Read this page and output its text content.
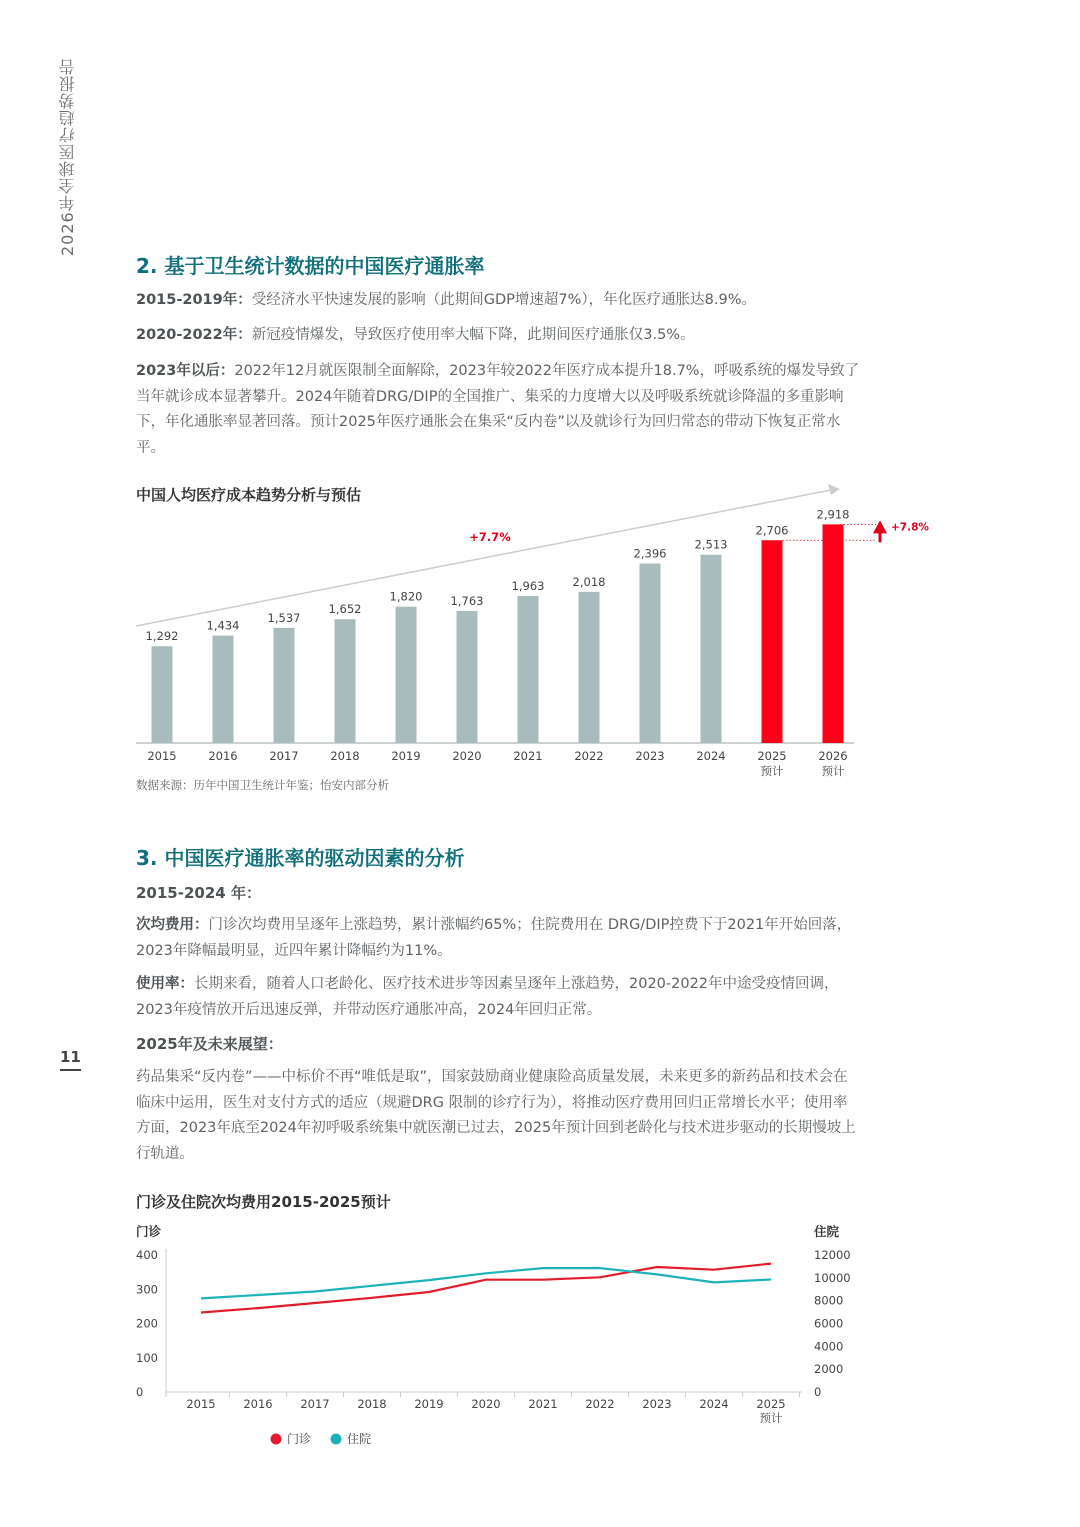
2026年全球医疗趋势报告
11
2. 基于卫生统计数据的中国医疗通胀率

2015-2019年：受经济水平快速发展的影响（此期间GDP增速超7%），年化医疗通胀达8.9%。

2020-2022年：新冠疫情爆发，导致医疗使用率大幅下降，此期间医疗通胀仅3.5%。

2023年以后：2022年12月就医限制全面解除，2023年较2022年医疗成本提升18.7%，呼吸系统的爆发导致了当年就诊成本显著攀升。2024年随着DRG/DIP的全国推广、集采的力度增大以及呼吸系统就诊降温的多重影响下，年化通胀率显著回落。预计2025年医疗通胀会在集采“反内卷”以及就诊行为回归常态的带动下恢复正常水平。

中国人均医疗成本趋势分析与预估
+7.7%
1,292
2015
1,434
2016
1,537
2017
1,652
2018
1,820
2019
1,763
2020
1,963
2021
2,018
2022
2,396
2023
2,513
2024
2,706
2025
预计
2,918
2026
预计
+7.8%

数据来源：历年中国卫生统计年鉴；怡安内部分析

3. 中国医疗通胀率的驱动因素的分析

2015-2024 年：

次均费用：门诊次均费用呈逐年上涨趋势，累计涨幅约65%；住院费用在 DRG/DIP控费下于2021年开始回落，2023年降幅最明显，近四年累计降幅约为11%。

使用率：长期来看，随着人口老龄化、医疗技术进步等因素呈逐年上涨趋势，2020-2022年中途受疫情回调，2023年疫情放开后迅速反弹，并带动医疗通胀冲高，2024年回归正常。

2025年及未来展望：

药品集采“反内卷”——中标价不再“唯低是取”，国家鼓励商业健康险高质量发展，未来更多的新药品和技术会在临床中运用，医生对支付方式的适应（规避DRG 限制的诊疗行为），将推动医疗费用回归正常增长水平；使用率方面，2023年底至2024年初呼吸系统集中就医潮已过去，2025年预计回到老龄化与技术进步驱动的长期慢坡上行轨道。

门诊及住院次均费用2015-2025预计
门诊	住院
400
300
200
100
0
12000
10000
8000
6000
4000
2000
0
2015 2016 2017 2018 2019 2020 2021 2022 2023 2024 2025
预计
门诊	住院
